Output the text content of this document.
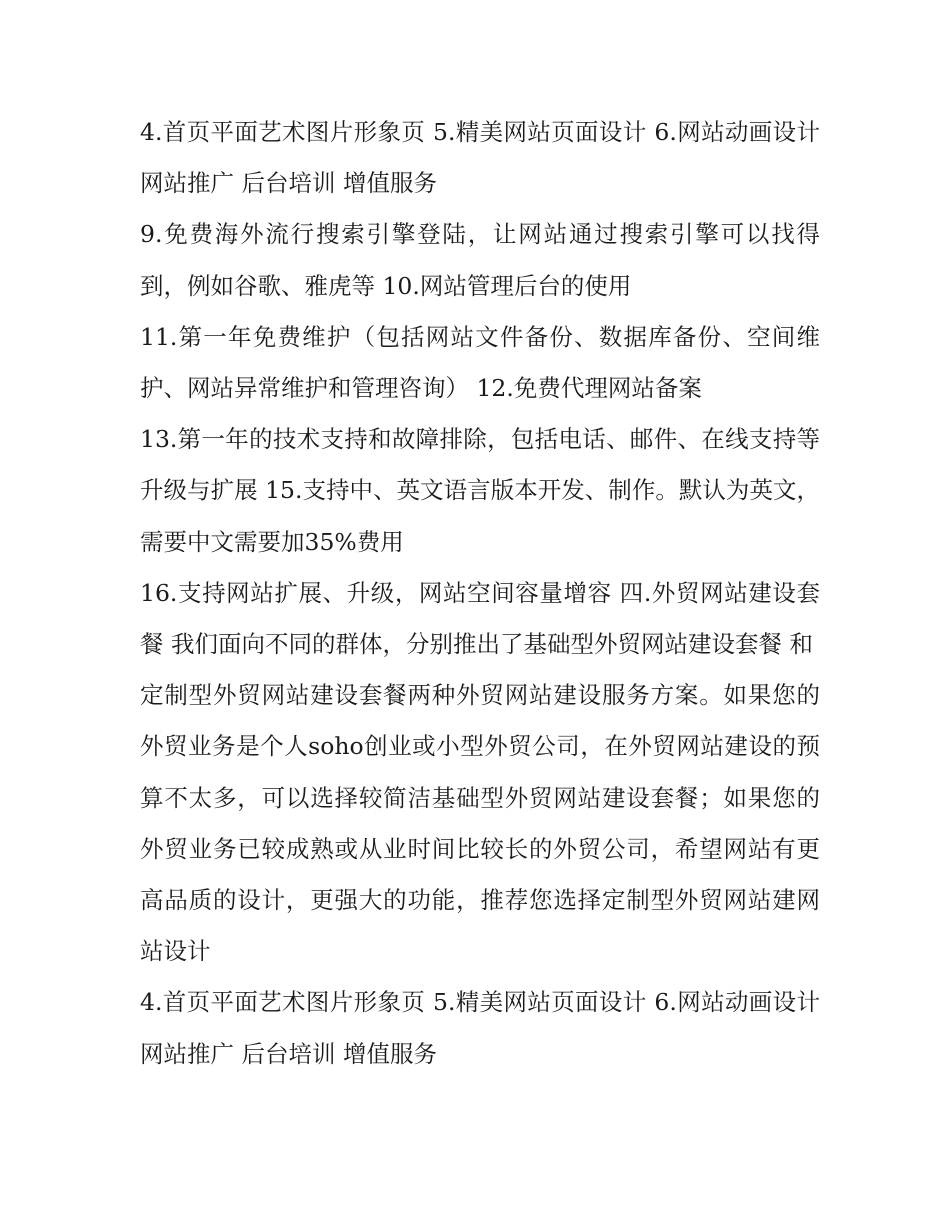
4.首页平面艺术图片形象页 5.精美网站页面设计 6.网站动画设计 网站推广 后台培训 增值服务

9.免费海外流行搜索引擎登陆，让网站通过搜索引擎可以找得到，例如谷歌、雅虎等 10.网站管理后台的使用

11.第一年免费维护（包括网站文件备份、数据库备份、空间维护、网站异常维护和管理咨询） 12.免费代理网站备案

13.第一年的技术支持和故障排除，包括电话、邮件、在线支持等 升级与扩展 15.支持中、英文语言版本开发、制作。默认为英文，需要中文需要加35%费用

16.支持网站扩展、升级，网站空间容量增容 四.外贸网站建设套餐 我们面向不同的群体，分别推出了基础型外贸网站建设套餐 和

定制型外贸网站建设套餐两种外贸网站建设服务方案。如果您的外贸业务是个人soho创业或小型外贸公司，在外贸网站建设的预算不太多，可以选择较简洁基础型外贸网站建设套餐；如果您的外贸业务已较成熟或从业时间比较长的外贸公司，希望网站有更高品质的设计，更强大的功能，推荐您选择定制型外贸网站建网站设计

4.首页平面艺术图片形象页 5.精美网站页面设计 6.网站动画设计 网站推广 后台培训 增值服务
